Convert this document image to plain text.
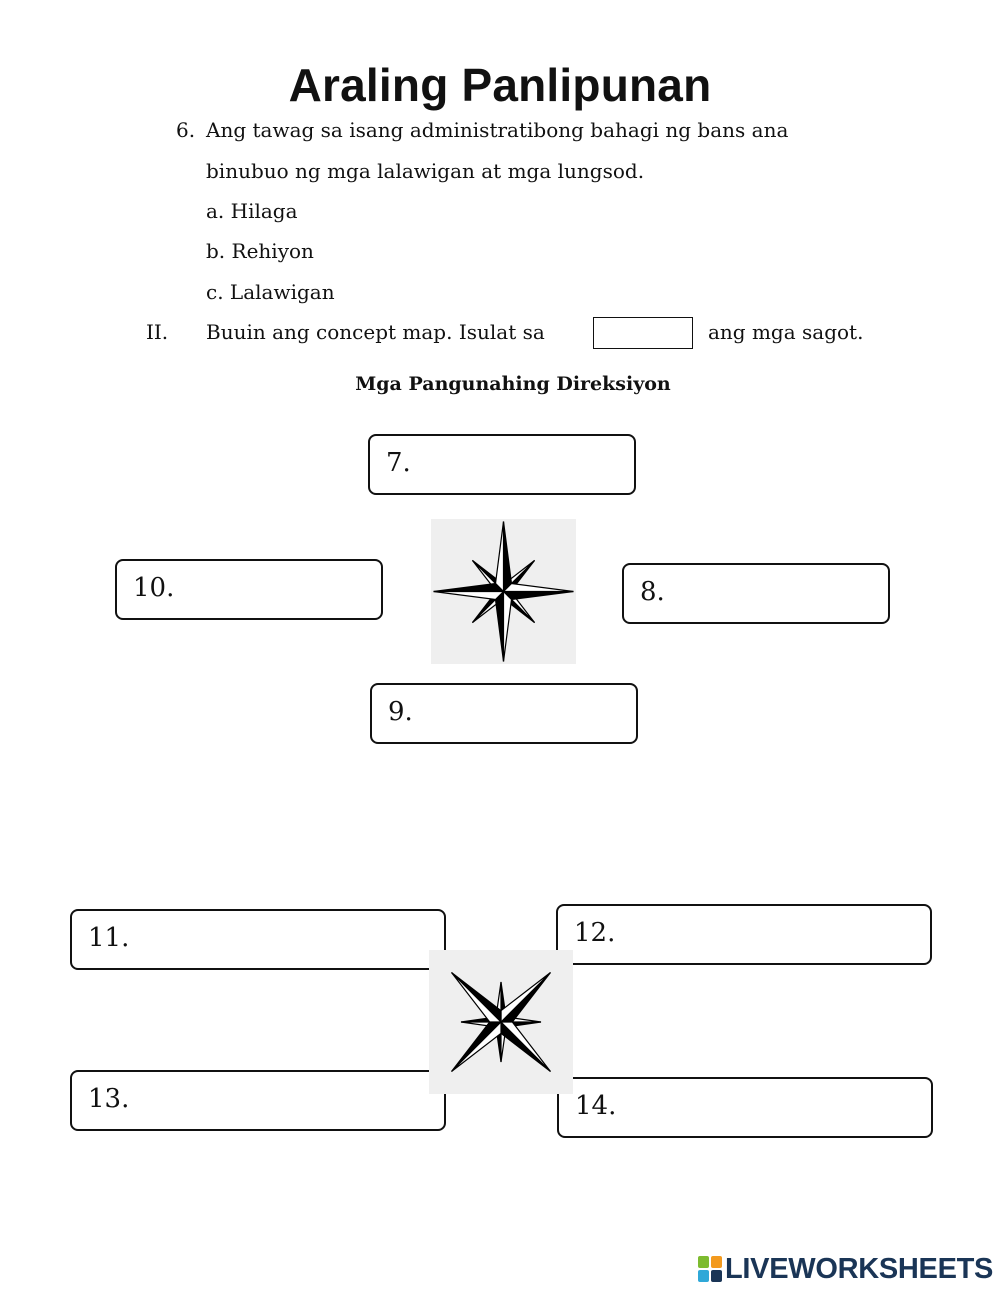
Araling Panlipunan
6. Ang tawag sa isang administratibong bahagi ng bans ana
binubuo ng mga lalawigan at mga lungsod.
a. Hilaga
b. Rehiyon
c. Lalawigan
II. Buuin ang concept map. Isulat sa	ang mga sagot.
Mga Pangunahing Direksiyon
7.
8.
9.
10.
11.	12.
13.	14.
LIVEWORKSHEETS
